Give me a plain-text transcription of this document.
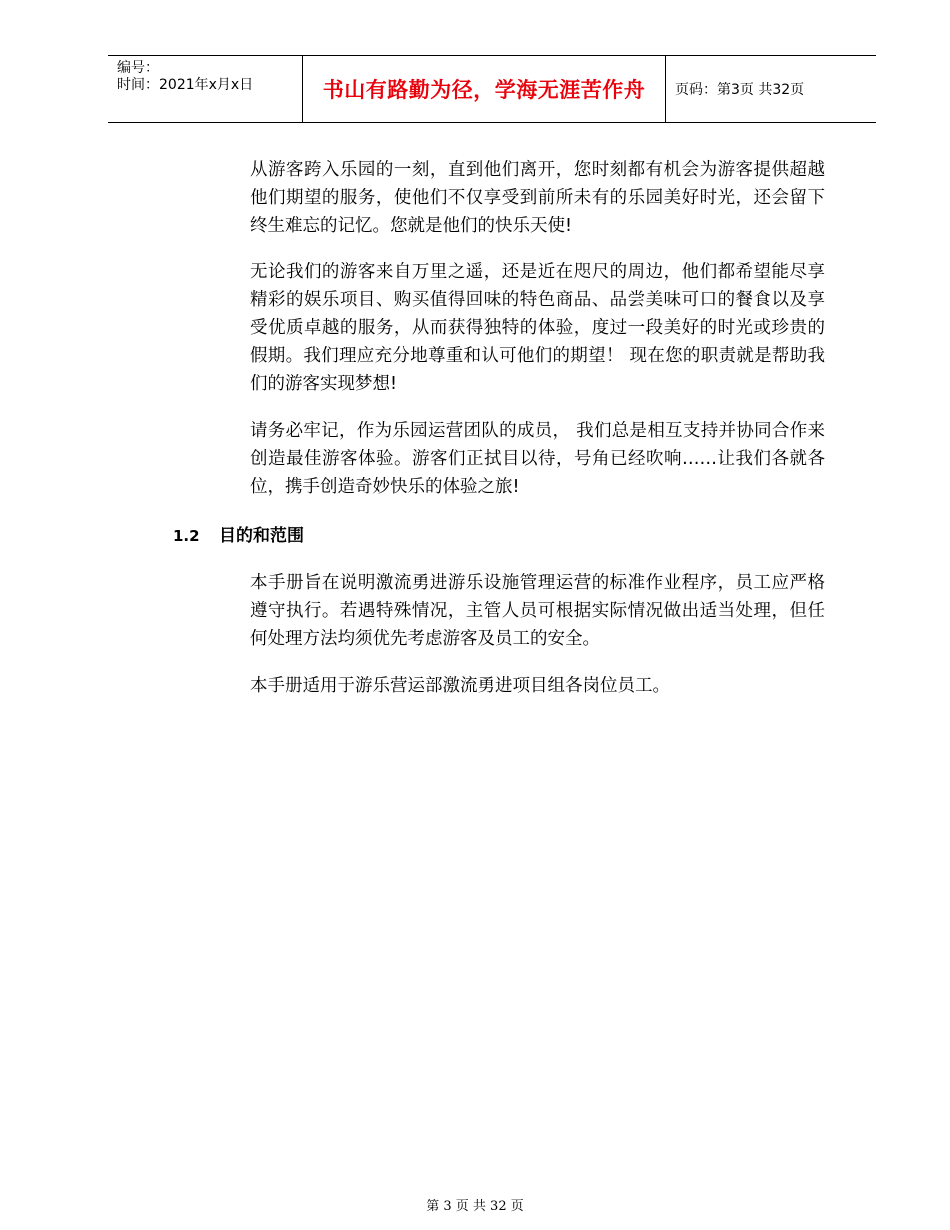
编号：
时间：2021年x月x日	书山有路勤为径，学海无涯苦作舟	页码：第3页 共32页

从游客跨入乐园的一刻，直到他们离开，您时刻都有机会为游客提供超越他们期望的服务，使他们不仅享受到前所未有的乐园美好时光，还会留下终生难忘的记忆。您就是他们的快乐天使!

无论我们的游客来自万里之遥，还是近在咫尺的周边，他们都希望能尽享精彩的娱乐项目、购买值得回味的特色商品、品尝美味可口的餐食以及享受优质卓越的服务，从而获得独特的体验，度过一段美好的时光或珍贵的假期。我们理应充分地尊重和认可他们的期望！ 现在您的职责就是帮助我们的游客实现梦想!

请务必牢记，作为乐园运营团队的成员， 我们总是相互支持并协同合作来创造最佳游客体验。游客们正拭目以待，号角已经吹响……让我们各就各位，携手创造奇妙快乐的体验之旅!

1.2	目的和范围

本手册旨在说明激流勇进游乐设施管理运营的标准作业程序，员工应严格遵守执行。若遇特殊情况，主管人员可根据实际情况做出适当处理，但任何处理方法均须优先考虑游客及员工的安全。

本手册适用于游乐营运部激流勇进项目组各岗位员工。

第 3 页 共 32 页
